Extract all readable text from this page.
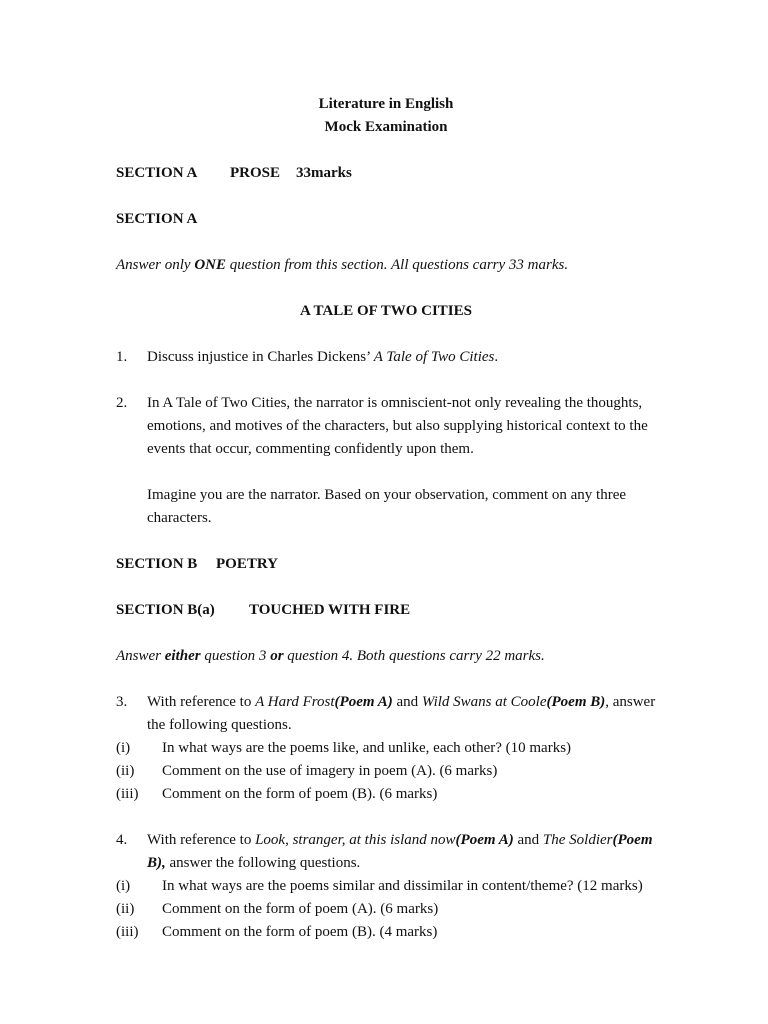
Literature in English

Mock Examination

SECTION A PROSE 33marks

SECTION A

Answer only ONE question from this section. All questions carry 33 marks.

A TALE OF TWO CITIES

1.	Discuss injustice in Charles Dickens’ A Tale of Two Cities.

2.	In A Tale of Two Cities, the narrator is omniscient-not only revealing the thoughts, emotions, and motives of the characters, but also supplying historical context to the events that occur, commenting confidently upon them.

Imagine you are the narrator. Based on your observation, comment on any three characters.

SECTION B POETRY

SECTION B(a) TOUCHED WITH FIRE

Answer either question 3 or question 4. Both questions carry 22 marks.

3.	With reference to A Hard Frost(Poem A) and Wild Swans at Coole(Poem B), answer the following questions.

(i)	In what ways are the poems like, and unlike, each other? (10 marks)

(ii)	Comment on the use of imagery in poem (A). (6 marks)

(iii)	Comment on the form of poem (B). (6 marks)

4.	With reference to Look, stranger, at this island now(Poem A) and The Soldier(Poem B), answer the following questions.

(i)	In what ways are the poems similar and dissimilar in content/theme? (12 marks)

(ii)	Comment on the form of poem (A). (6 marks)

(iii)	Comment on the form of poem (B). (4 marks)
